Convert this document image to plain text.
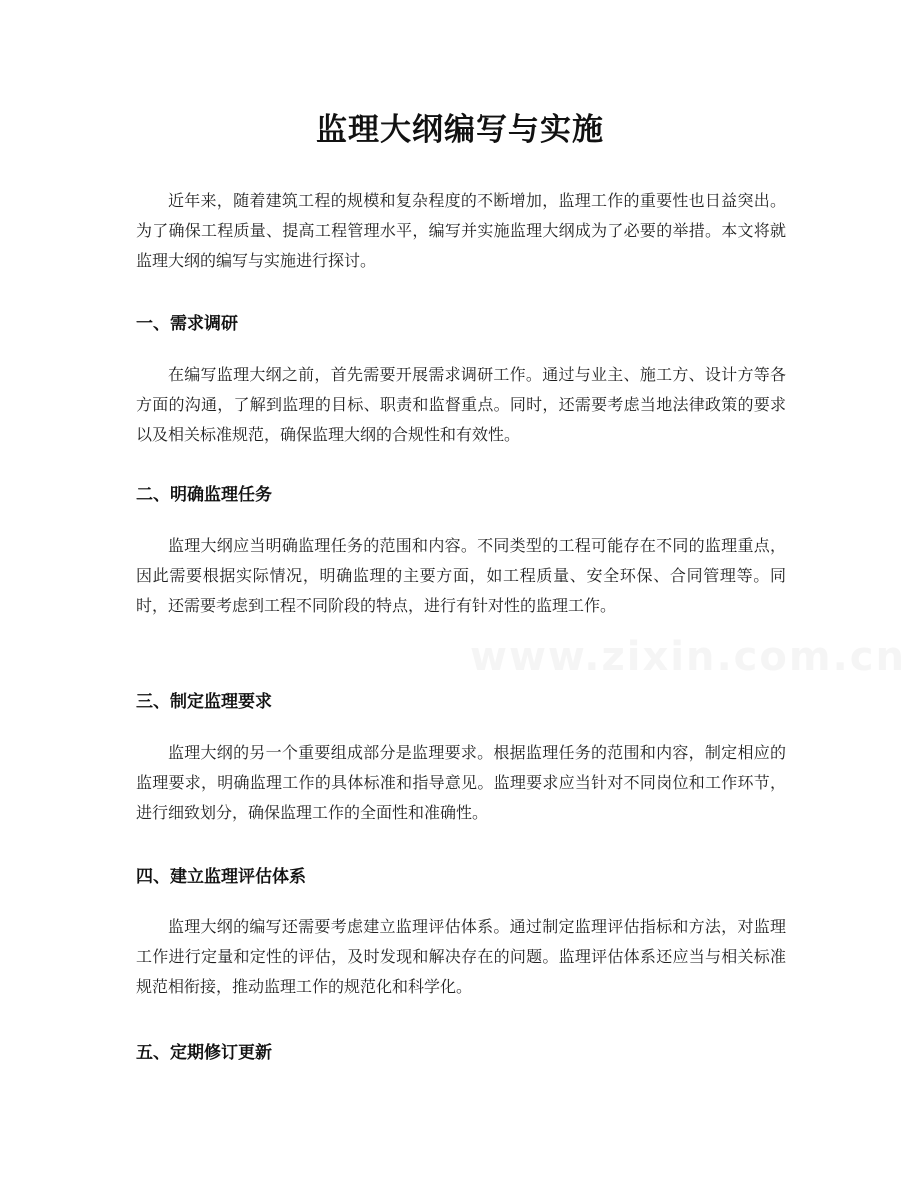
监理大纲编写与实施

近年来，随着建筑工程的规模和复杂程度的不断增加，监理工作的重要性也日益突出。为了确保工程质量、提高工程管理水平，编写并实施监理大纲成为了必要的举措。本文将就监理大纲的编写与实施进行探讨。

一、需求调研

在编写监理大纲之前，首先需要开展需求调研工作。通过与业主、施工方、设计方等各方面的沟通，了解到监理的目标、职责和监督重点。同时，还需要考虑当地法律政策的要求以及相关标准规范，确保监理大纲的合规性和有效性。

二、明确监理任务

监理大纲应当明确监理任务的范围和内容。不同类型的工程可能存在不同的监理重点，因此需要根据实际情况，明确监理的主要方面，如工程质量、安全环保、合同管理等。同时，还需要考虑到工程不同阶段的特点，进行有针对性的监理工作。

三、制定监理要求

监理大纲的另一个重要组成部分是监理要求。根据监理任务的范围和内容，制定相应的监理要求，明确监理工作的具体标准和指导意见。监理要求应当针对不同岗位和工作环节，进行细致划分，确保监理工作的全面性和准确性。

四、建立监理评估体系

监理大纲的编写还需要考虑建立监理评估体系。通过制定监理评估指标和方法，对监理工作进行定量和定性的评估，及时发现和解决存在的问题。监理评估体系还应当与相关标准规范相衔接，推动监理工作的规范化和科学化。

五、定期修订更新
www.zixin.com.cn
